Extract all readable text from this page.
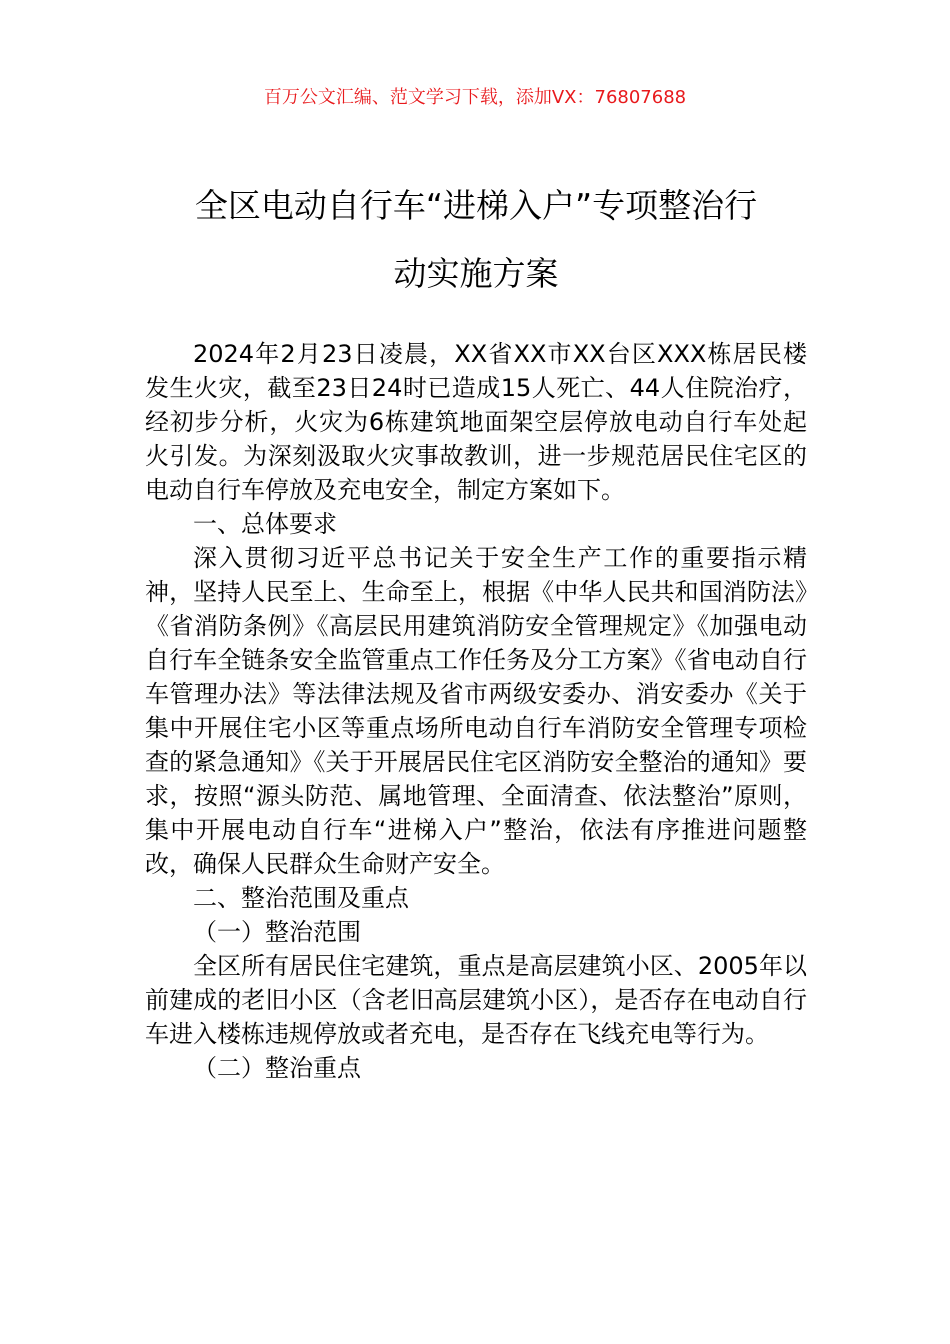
百万公文汇编、范文学习下载，添加VX：76807688
全区电动自行车“进梯入户”专项整治行
动实施方案

2024年2月23日凌晨，XX省XX市XX台区XXX栋居民楼发生火灾，截至23日24时已造成15人死亡、44人住院治疗，经初步分析，火灾为6栋建筑地面架空层停放电动自行车处起火引发。为深刻汲取火灾事故教训，进一步规范居民住宅区的电动自行车停放及充电安全，制定方案如下。

一、总体要求

深入贯彻习近平总书记关于安全生产工作的重要指示精神，坚持人民至上、生命至上，根据《中华人民共和国消防法》《省消防条例》《高层民用建筑消防安全管理规定》《加强电动自行车全链条安全监管重点工作任务及分工方案》《省电动自行车管理办法》等法律法规及省市两级安委办、消安委办《关于集中开展住宅小区等重点场所电动自行车消防安全管理专项检查的紧急通知》《关于开展居民住宅区消防安全整治的通知》要求，按照“源头防范、属地管理、全面清查、依法整治”原则，集中开展电动自行车“进梯入户”整治，依法有序推进问题整改，确保人民群众生命财产安全。

二、整治范围及重点

（一）整治范围

全区所有居民住宅建筑，重点是高层建筑小区、2005年以前建成的老旧小区（含老旧高层建筑小区），是否存在电动自行车进入楼栋违规停放或者充电，是否存在飞线充电等行为。

（二）整治重点
